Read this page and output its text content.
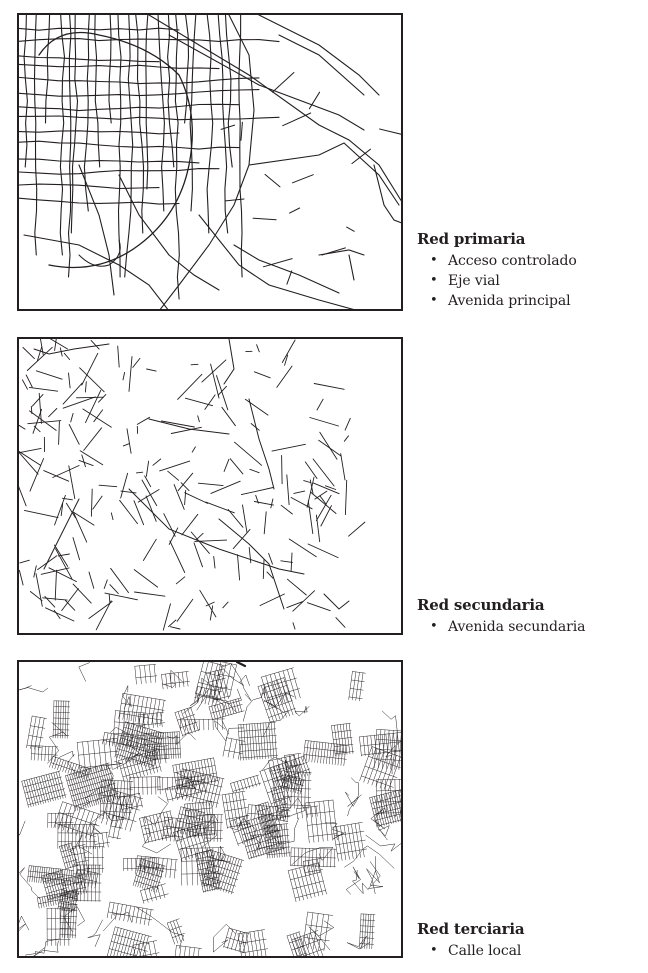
Red primaria
• Acceso controlado
• Eje vial
• Avenida principal
Red secundaria
• Avenida secundaria
Red terciaria
• Calle local
